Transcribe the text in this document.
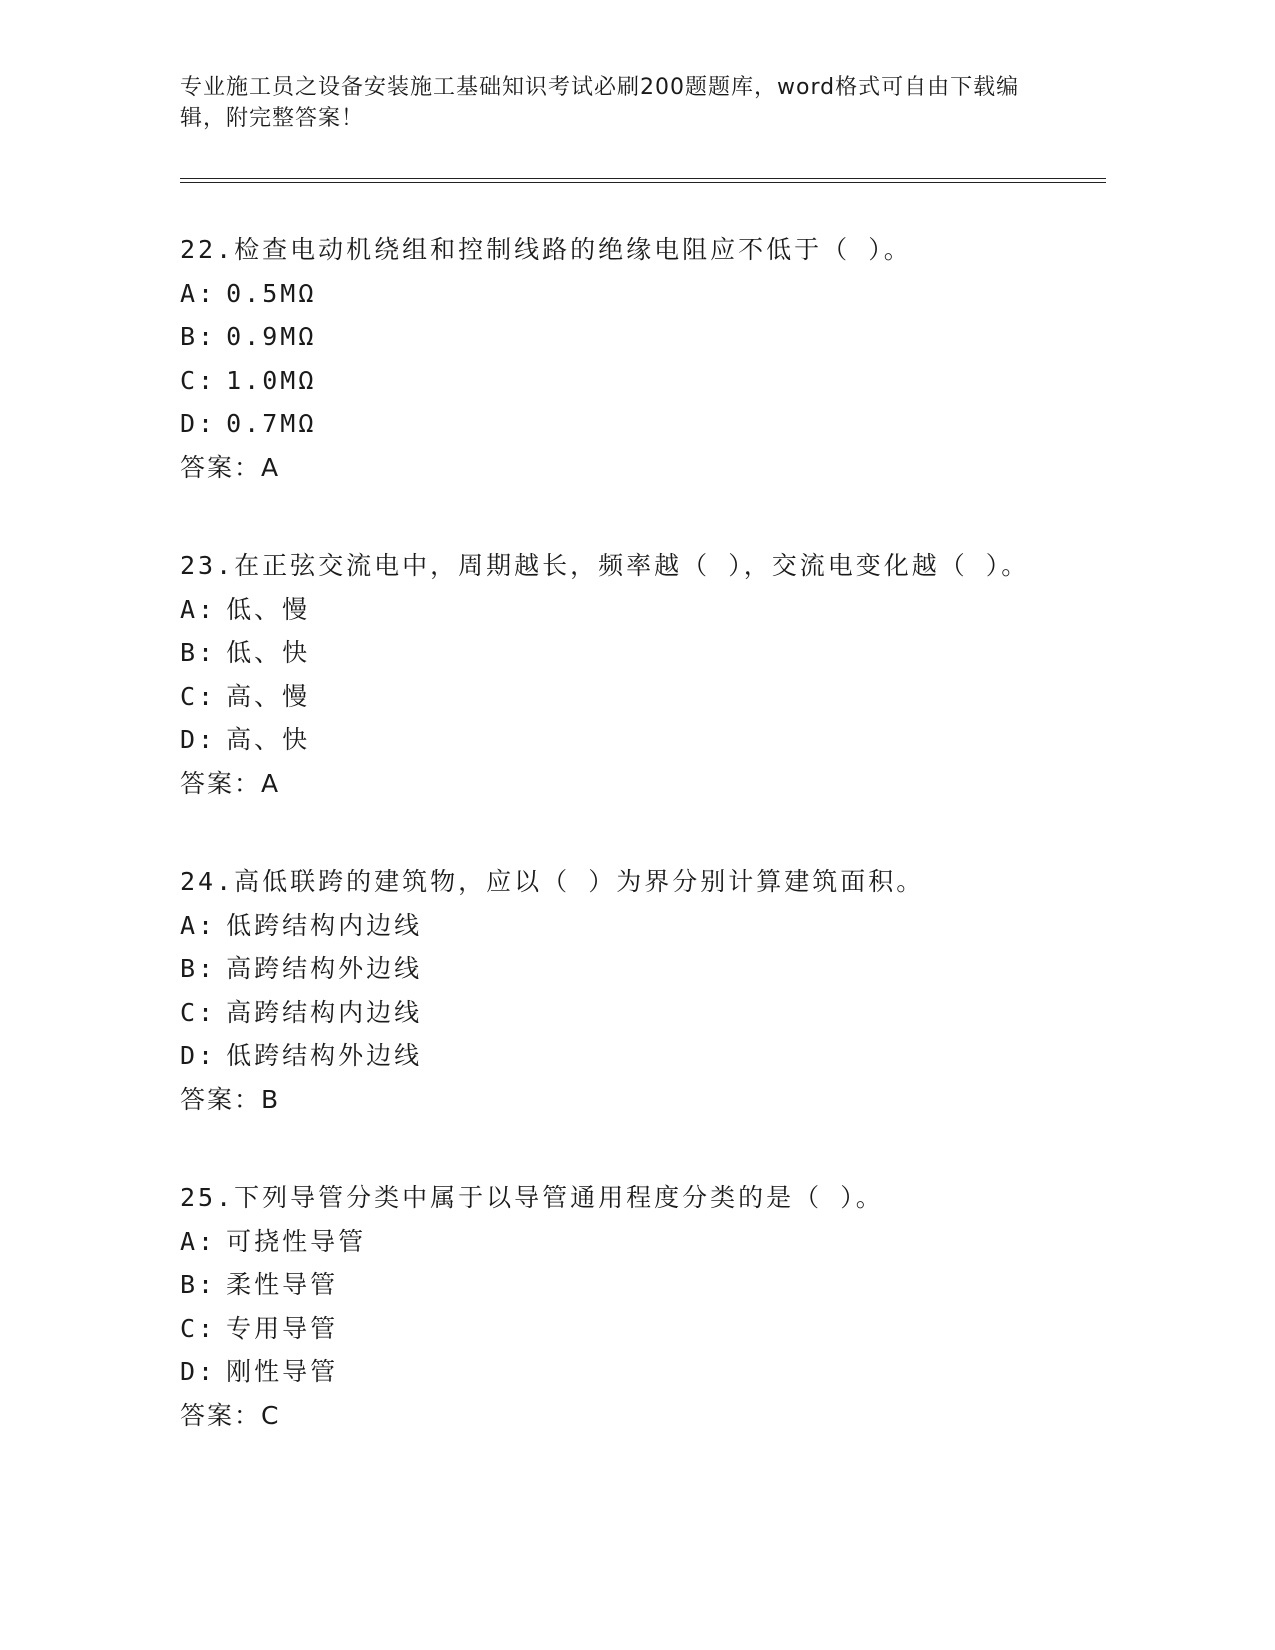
专业施工员之设备安装施工基础知识考试必刷200题题库，word格式可自由下载编辑，附完整答案！
22.检查电动机绕组和控制线路的绝缘电阻应不低于（ ）。
A: 0.5MΩ
B: 0.9MΩ
C: 1.0MΩ
D: 0.7MΩ
答案：A
23.在正弦交流电中，周期越长，频率越（ ），交流电变化越（ ）。
A: 低、慢
B: 低、快
C: 高、慢
D: 高、快
答案：A
24.高低联跨的建筑物，应以（ ）为界分别计算建筑面积。
A: 低跨结构内边线
B: 高跨结构外边线
C: 高跨结构内边线
D: 低跨结构外边线
答案：B
25.下列导管分类中属于以导管通用程度分类的是（ ）。
A: 可挠性导管
B: 柔性导管
C: 专用导管
D: 刚性导管
答案：C
